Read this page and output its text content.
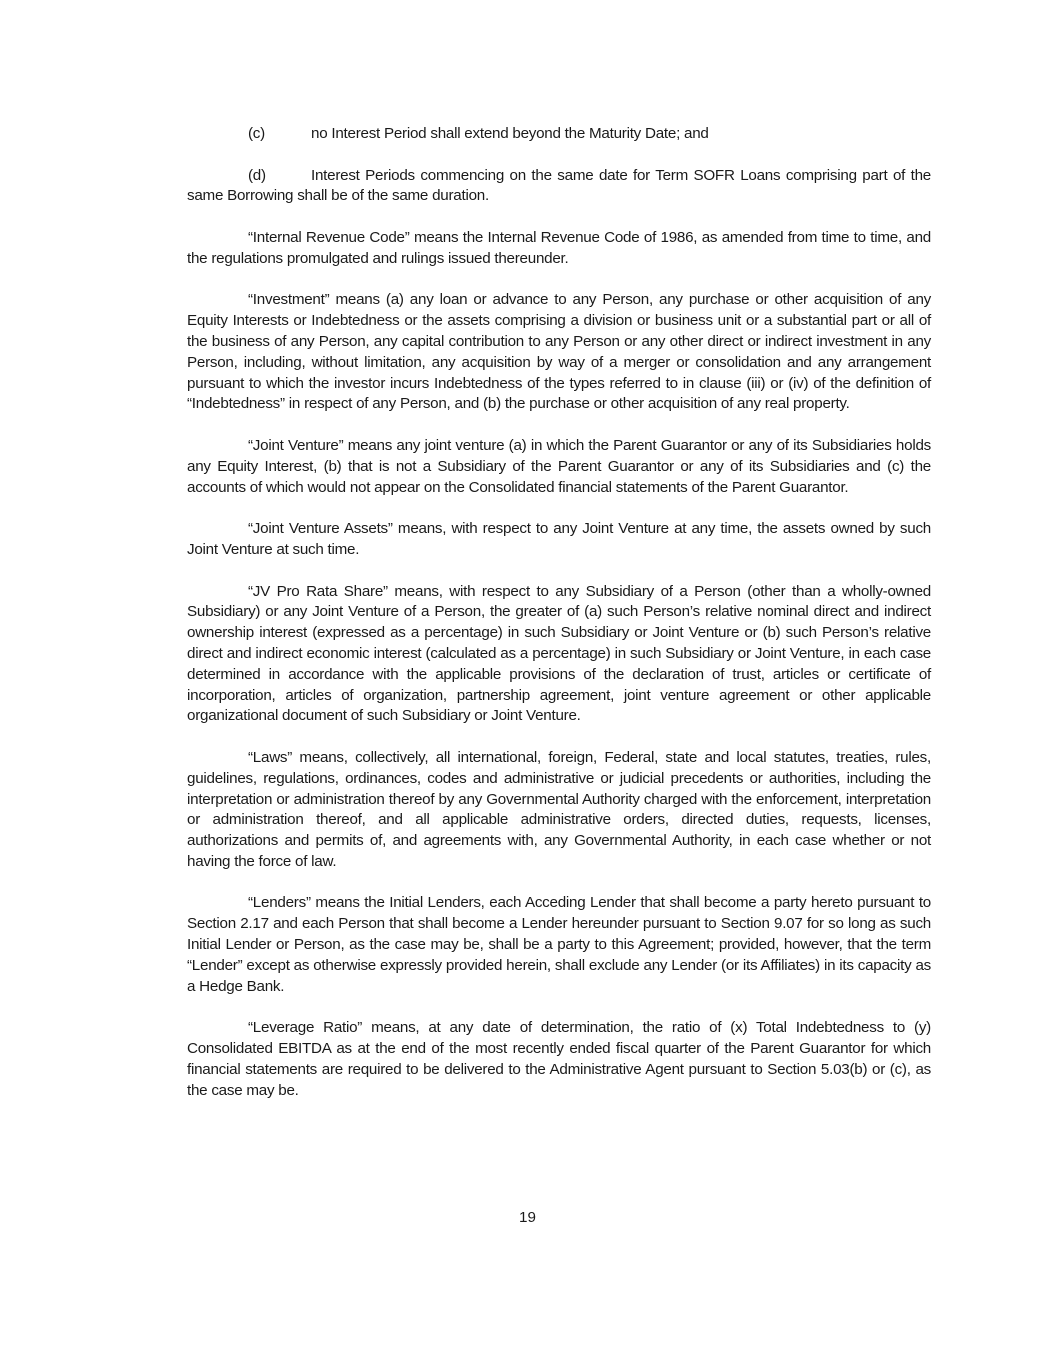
(c)	no Interest Period shall extend beyond the Maturity Date; and

(d)	Interest Periods commencing on the same date for Term SOFR Loans comprising part of the same Borrowing shall be of the same duration.

“Internal Revenue Code” means the Internal Revenue Code of 1986, as amended from time to time, and the regulations promulgated and rulings issued thereunder.

“Investment” means (a) any loan or advance to any Person, any purchase or other acquisition of any Equity Interests or Indebtedness or the assets comprising a division or business unit or a substantial part or all of the business of any Person, any capital contribution to any Person or any other direct or indirect investment in any Person, including, without limitation, any acquisition by way of a merger or consolidation and any arrangement pursuant to which the investor incurs Indebtedness of the types referred to in clause (iii) or (iv) of the definition of “Indebtedness” in respect of any Person, and (b) the purchase or other acquisition of any real property.

“Joint Venture” means any joint venture (a) in which the Parent Guarantor or any of its Subsidiaries holds any Equity Interest, (b) that is not a Subsidiary of the Parent Guarantor or any of its Subsidiaries and (c) the accounts of which would not appear on the Consolidated financial statements of the Parent Guarantor.

“Joint Venture Assets” means, with respect to any Joint Venture at any time, the assets owned by such Joint Venture at such time.

“JV Pro Rata Share” means, with respect to any Subsidiary of a Person (other than a wholly-owned Subsidiary) or any Joint Venture of a Person, the greater of (a) such Person’s relative nominal direct and indirect ownership interest (expressed as a percentage) in such Subsidiary or Joint Venture or (b) such Person’s relative direct and indirect economic interest (calculated as a percentage) in such Subsidiary or Joint Venture, in each case determined in accordance with the applicable provisions of the declaration of trust, articles or certificate of incorporation, articles of organization, partnership agreement, joint venture agreement or other applicable organizational document of such Subsidiary or Joint Venture.

“Laws” means, collectively, all international, foreign, Federal, state and local statutes, treaties, rules, guidelines, regulations, ordinances, codes and administrative or judicial precedents or authorities, including the interpretation or administration thereof by any Governmental Authority charged with the enforcement, interpretation or administration thereof, and all applicable administrative orders, directed duties, requests, licenses, authorizations and permits of, and agreements with, any Governmental Authority, in each case whether or not having the force of law.

“Lenders” means the Initial Lenders, each Acceding Lender that shall become a party hereto pursuant to Section 2.17 and each Person that shall become a Lender hereunder pursuant to Section 9.07 for so long as such Initial Lender or Person, as the case may be, shall be a party to this Agreement; provided, however, that the term “Lender” except as otherwise expressly provided herein, shall exclude any Lender (or its Affiliates) in its capacity as a Hedge Bank.

“Leverage Ratio” means, at any date of determination, the ratio of (x) Total Indebtedness to (y) Consolidated EBITDA as at the end of the most recently ended fiscal quarter of the Parent Guarantor for which financial statements are required to be delivered to the Administrative Agent pursuant to Section 5.03(b) or (c), as the case may be.

19
